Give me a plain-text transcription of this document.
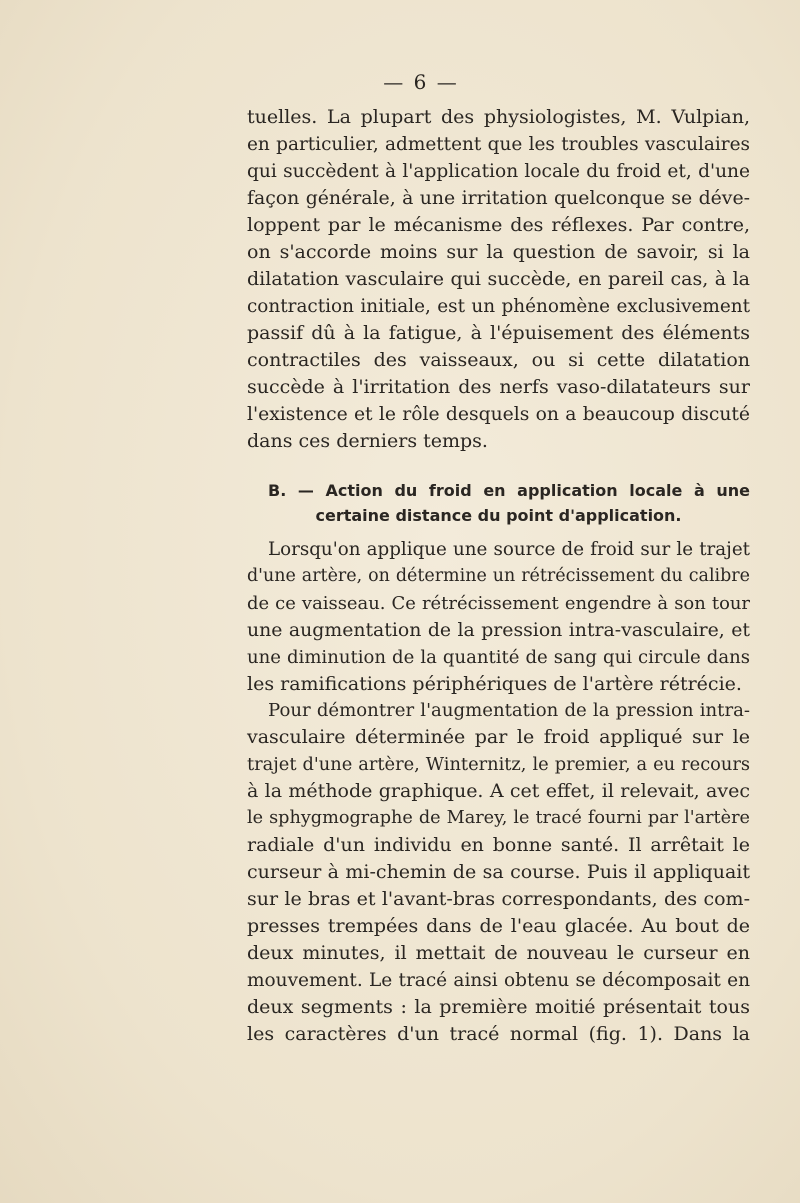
— 6 —
tuelles. La plupart des physiologistes, M. Vulpian,
en particulier, admettent que les troubles vasculaires
qui succèdent à l'application locale du froid et, d'une
façon générale, à une irritation quelconque se déve-
loppent par le mécanisme des réflexes. Par contre,
on s'accorde moins sur la question de savoir, si la
dilatation vasculaire qui succède, en pareil cas, à la
contraction initiale, est un phénomène exclusivement
passif dû à la fatigue, à l'épuisement des éléments
contractiles des vaisseaux, ou si cette dilatation
succède à l'irritation des nerfs vaso-dilatateurs sur
l'existence et le rôle desquels on a beaucoup discuté
dans ces derniers temps.
B. — Action du froid en application locale à une
certaine distance du point d'application.
Lorsqu'on applique une source de froid sur le trajet
d'une artère, on détermine un rétrécissement du calibre
de ce vaisseau. Ce rétrécissement engendre à son tour
une augmentation de la pression intra-vasculaire, et
une diminution de la quantité de sang qui circule dans
les ramifications périphériques de l'artère rétrécie.
Pour démontrer l'augmentation de la pression intra-
vasculaire déterminée par le froid appliqué sur le
trajet d'une artère, Winternitz, le premier, a eu recours
à la méthode graphique. A cet effet, il relevait, avec
le sphygmographe de Marey, le tracé fourni par l'artère
radiale d'un individu en bonne santé. Il arrêtait le
curseur à mi-chemin de sa course. Puis il appliquait
sur le bras et l'avant-bras correspondants, des com-
presses trempées dans de l'eau glacée. Au bout de
deux minutes, il mettait de nouveau le curseur en
mouvement. Le tracé ainsi obtenu se décomposait en
deux segments : la première moitié présentait tous
les caractères d'un tracé normal (fig. 1). Dans la
